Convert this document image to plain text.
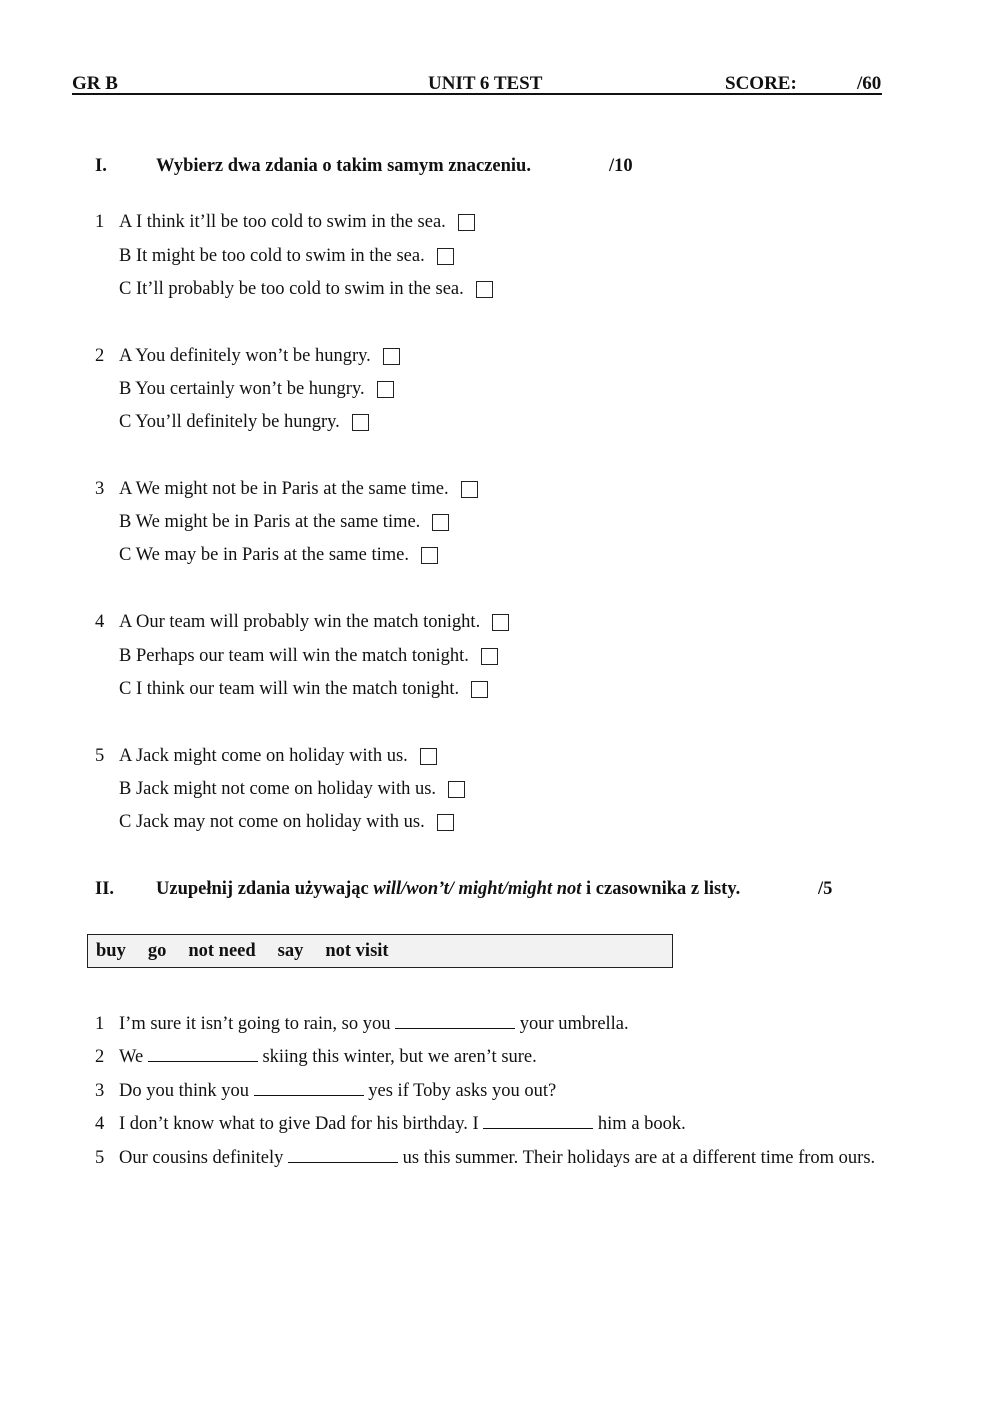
GR B	UNIT 6 TEST	SCORE:	/60
I.	Wybierz dwa zdania o takim samym znaczeniu.	/10
1 A I think it’ll be too cold to swim in the sea.
B It might be too cold to swim in the sea.
C It’ll probably be too cold to swim in the sea.
2 A You definitely won’t be hungry.
B You certainly won’t be hungry.
C You’ll definitely be hungry.
3 A We might not be in Paris at the same time.
B We might be in Paris at the same time.
C We may be in Paris at the same time.
4 A Our team will probably win the match tonight.
B Perhaps our team will win the match tonight.
C I think our team will win the match tonight.
5 A Jack might come on holiday with us.
B Jack might not come on holiday with us.
C Jack may not come on holiday with us.
II. Uzupełnij zdania używając will/won’t/ might/might not i czasownika z listy.	/5
buy go not need say not visit
1 I’m sure it isn’t going to rain, so you	your umbrella.
2 We	skiing this winter, but we aren’t sure.
3 Do you think you	yes if Toby asks you out?
4 I don’t know what to give Dad for his birthday. I	him a book.
5 Our cousins definitely	us this summer. Their holidays are at a different time from ours.
